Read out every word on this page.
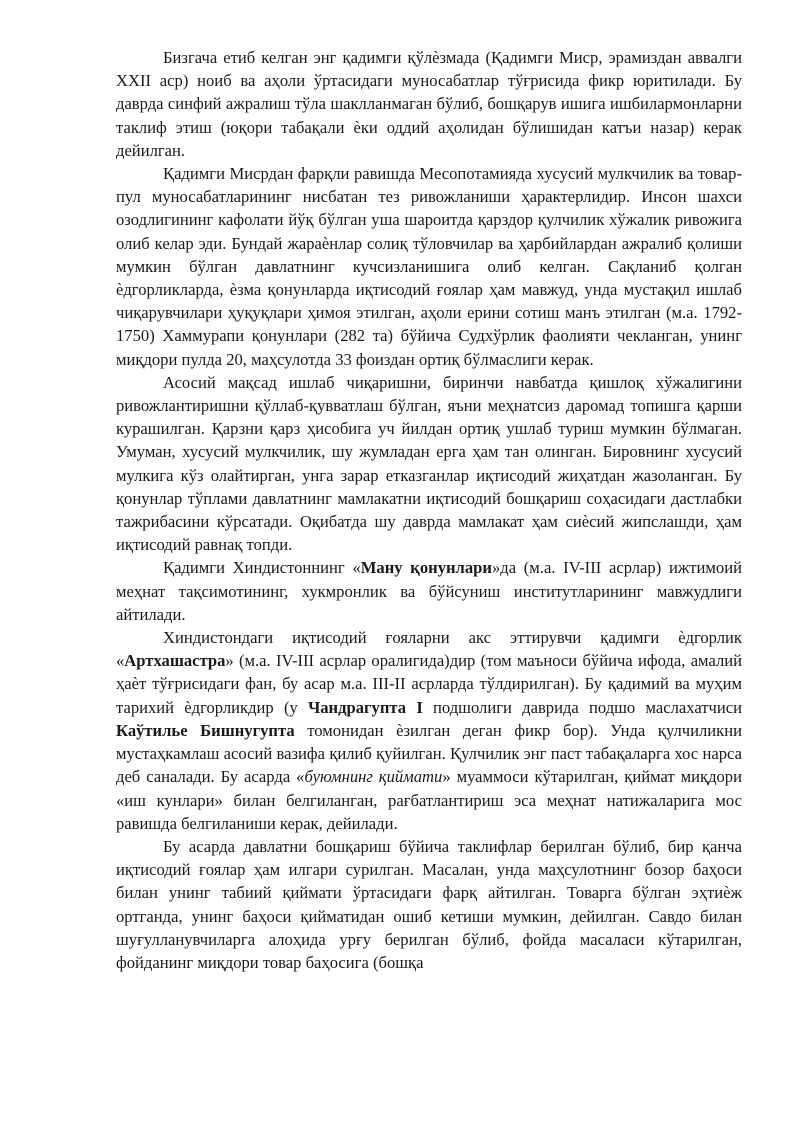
Бизгача етиб келган энг қадимги қўлѐзмада (Қадимги Миср, эрамиздан аввалги XXII аср) ноиб ва аҳоли ўртасидаги муносабатлар тўғрисида фикр юритилади. Бу даврда синфий ажралиш тўла шаклланмаган бўлиб, бошқарув ишига ишбилармонларни таклиф этиш (юқори табақали ѐки оддий аҳолидан бўлишидан катъи назар) керак дейилган.

Қадимги Мисрдан фарқли равишда Месопотамияда хусусий мулкчилик ва товар-пул муносабатларининг нисбатан тез ривожланиши ҳарактерлидир. Инсон шахси озодлигининг кафолати йўқ бўлган уша шароитда қарздор қулчилик хўжалик ривожига олиб келар эди. Бундай жараѐнлар солиқ тўловчилар ва ҳарбийлардан ажралиб қолиши мумкин бўлган давлатнинг кучсизланишига олиб келган. Сақланиб қолган ѐдгорликларда, ѐзма қонунларда иқтисодий ғоялар ҳам мавжуд, унда мустақил ишлаб чиқарувчилари ҳуқуқлари ҳимоя этилган, аҳоли ерини сотиш манъ этилган (м.а. 1792-1750) Хаммурапи қонунлари (282 та) бўйича Судхўрлик фаолияти чекланган, унинг миқдори пулда 20, маҳсулотда 33 фоиздан ортиқ бўлмаслиги керак.

Асосий мақсад ишлаб чиқаришни, биринчи навбатда қишлоқ хўжалигини ривожлантиришни қўллаб-қувватлаш бўлган, яъни меҳнатсиз даромад топишга қарши курашилган. Қарзни қарз ҳисобига уч йилдан ортиқ ушлаб туриш мумкин бўлмаган. Умуман, хусусий мулкчилик, шу жумладан ерга ҳам тан олинган. Бировнинг хусусий мулкига кўз олайтирган, унга зарар етказганлар иқтисодий жиҳатдан жазоланган. Бу қонунлар тўплами давлатнинг мамлакатни иқтисодий бошқариш соҳасидаги дастлабки тажрибасини кўрсатади. Оқибатда шу даврда мамлакат ҳам сиѐсий жипслашди, ҳам иқтисодий равнақ топди.

Қадимги Хиндистоннинг «Ману қонунлари»да (м.а. IV-III асрлар) ижтимоий меҳнат тақсимотининг, хукмронлик ва бўйсуниш институтларининг мавжудлиги айтилади.

Хиндистондаги иқтисодий ғояларни акс эттирувчи қадимги ѐдгорлик «Артхашастра» (м.а. IV-III асрлар оралигида)дир (том маъноси бўйича ифода, амалий ҳаѐт тўғрисидаги фан, бу асар м.а. III-II асрларда тўлдирилган). Бу қадимий ва муҳим тарихий ѐдгорликдир (у Чандрагупта I подшолиги даврида подшо маслахатчиси Каўтилье Бишнугупта томонидан ѐзилган деган фикр бор). Унда қулчиликни мустаҳкамлаш асосий вазифа қилиб қуйилган. Қулчилик энг паст табақаларга хос нарса деб саналади. Бу асарда «буюмнинг қиймати» муаммоси кўтарилган, қиймат миқдори «иш кунлари» билан белгиланган, рағбатлантириш эса меҳнат натижаларига мос равишда белгиланиши керак, дейилади.

Бу асарда давлатни бошқариш бўйича таклифлар берилган бўлиб, бир қанча иқтисодий ғоялар ҳам илгари сурилган. Масалан, унда маҳсулотнинг бозор баҳоси билан унинг табиий қиймати ўртасидаги фарқ айтилган. Товарга бўлган эҳтиѐж ортганда, унинг баҳоси қийматидан ошиб кетиши мумкин, дейилган. Савдо билан шуғулланувчиларга алоҳида урғу берилган бўлиб, фойда масаласи кўтарилган, фойданинг миқдори товар баҳосига (бошқа
